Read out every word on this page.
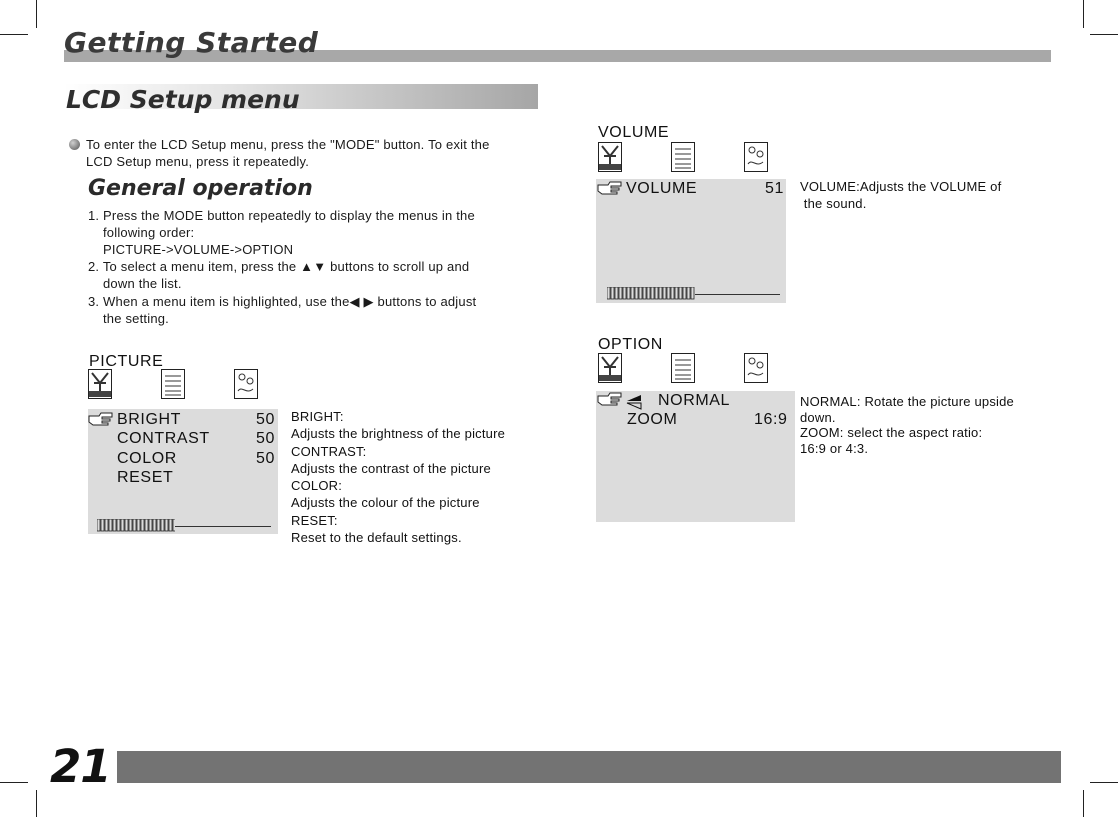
Getting Started
LCD Setup menu
To enter the LCD Setup menu, press the "MODE" button. To exit the
LCD Setup menu, press it repeatedly.
General operation
1. Press the MODE button repeatedly to display the menus in the
following order:
PICTURE->VOLUME->OPTION
2. To select a menu item, press the ▲▼ buttons to scroll up and
down the list.
3. When a menu item is highlighted, use the◀ ▶ buttons to adjust
the setting.
PICTURE
BRIGHT	50
CONTRAST	50
COLOR	50
RESET
BRIGHT:
Adjusts the brightness of the picture
CONTRAST:
Adjusts the contrast of the picture
COLOR:
Adjusts the colour of the picture
RESET:
Reset to the default settings.
VOLUME
VOLUME	51 VOLUME:Adjusts the VOLUME of
the sound.
OPTION
NORMAL
ZOOM	16:9
NORMAL: Rotate the picture upside
down.
ZOOM: select the aspect ratio:
16:9 or 4:3.
21
